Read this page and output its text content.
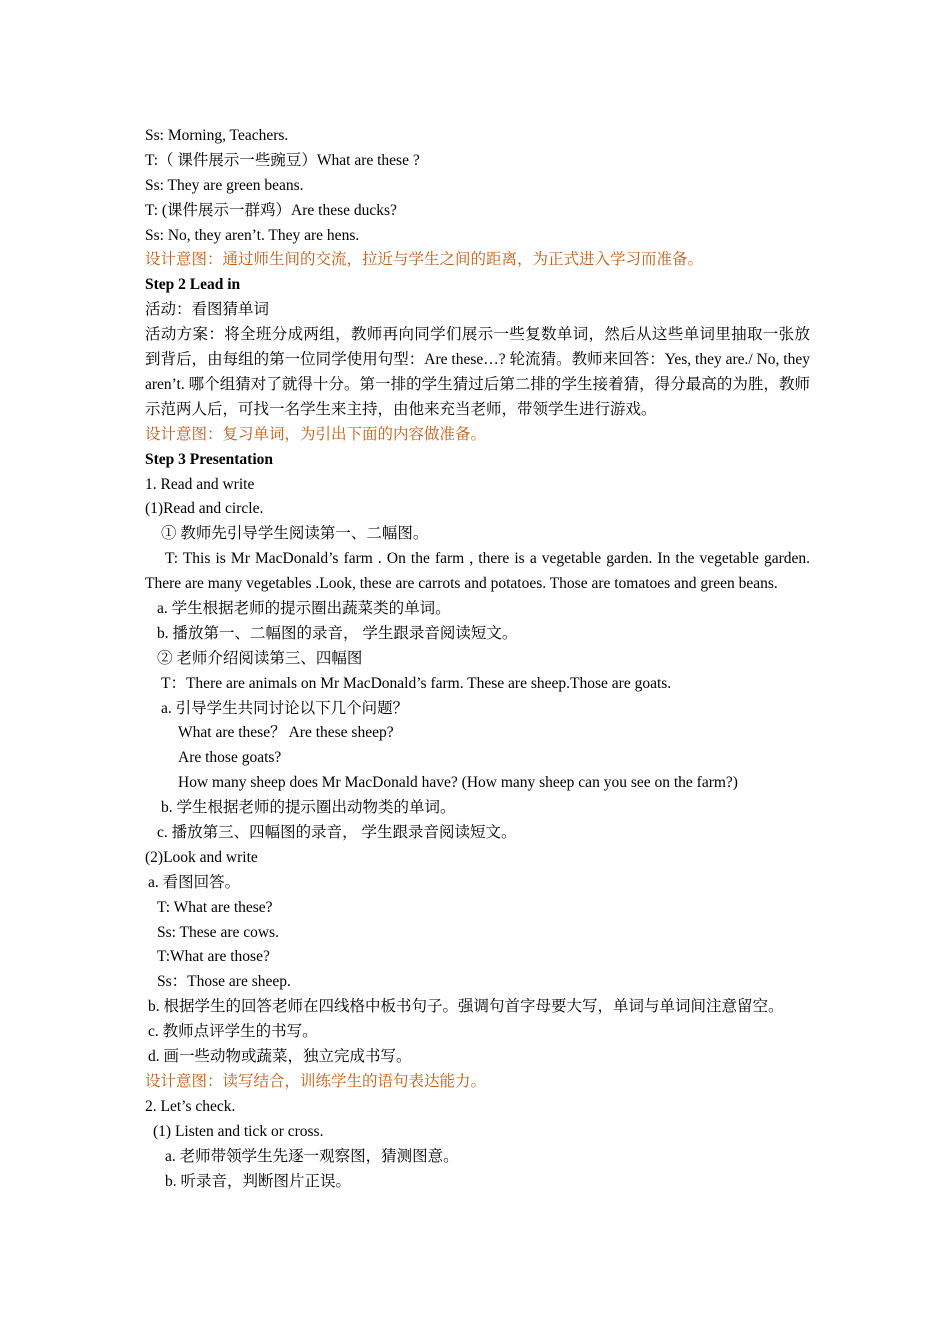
Ss: Morning, Teachers.
T:（ 课件展示一些豌豆）What are these ?
Ss: They are green beans.
T: (课件展示一群鸡）Are these ducks?
Ss: No, they aren’t. They are hens.
设计意图：通过师生间的交流，拉近与学生之间的距离，为正式进入学习而准备。
Step 2 Lead in
活动：看图猜单词
活动方案：将全班分成两组，教师再向同学们展示一些复数单词，然后从这些单词里抽取一张放到背后，由每组的第一位同学使用句型：Are these…? 轮流猜。教师来回答：Yes, they are./ No, they aren’t. 哪个组猜对了就得十分。第一排的学生猜过后第二排的学生接着猜，得分最高的为胜，教师示范两人后，可找一名学生来主持，由他来充当老师，带领学生进行游戏。
设计意图：复习单词，为引出下面的内容做准备。
Step 3 Presentation
1. Read and write
(1)Read and circle.
① 教师先引导学生阅读第一、二幅图。
T: This is Mr MacDonald’s farm . On the farm , there is a vegetable garden. In the vegetable garden. There are many vegetables .Look, these are carrots and potatoes. Those are tomatoes and green beans.
a. 学生根据老师的提示圈出蔬菜类的单词。
b. 播放第一、二幅图的录音， 学生跟录音阅读短文。
② 老师介绍阅读第三、四幅图
T：There are animals on Mr MacDonald’s farm. These are sheep.Those are goats.
a. 引导学生共同讨论以下几个问题？
What are these？ Are these sheep?
Are those goats?
How many sheep does Mr MacDonald have? (How many sheep can you see on the farm?)
b. 学生根据老师的提示圈出动物类的单词。
c. 播放第三、四幅图的录音， 学生跟录音阅读短文。
(2)Look and write
a. 看图回答。
T: What are these?
Ss: These are cows.
T:What are those?
Ss：Those are sheep.
b. 根据学生的回答老师在四线格中板书句子。强调句首字母要大写，单词与单词间注意留空。
c. 教师点评学生的书写。
d. 画一些动物或蔬菜，独立完成书写。
设计意图：读写结合，训练学生的语句表达能力。
2. Let’s check.
(1) Listen and tick or cross.
a. 老师带领学生先逐一观察图，猜测图意。
b. 听录音，判断图片正误。
